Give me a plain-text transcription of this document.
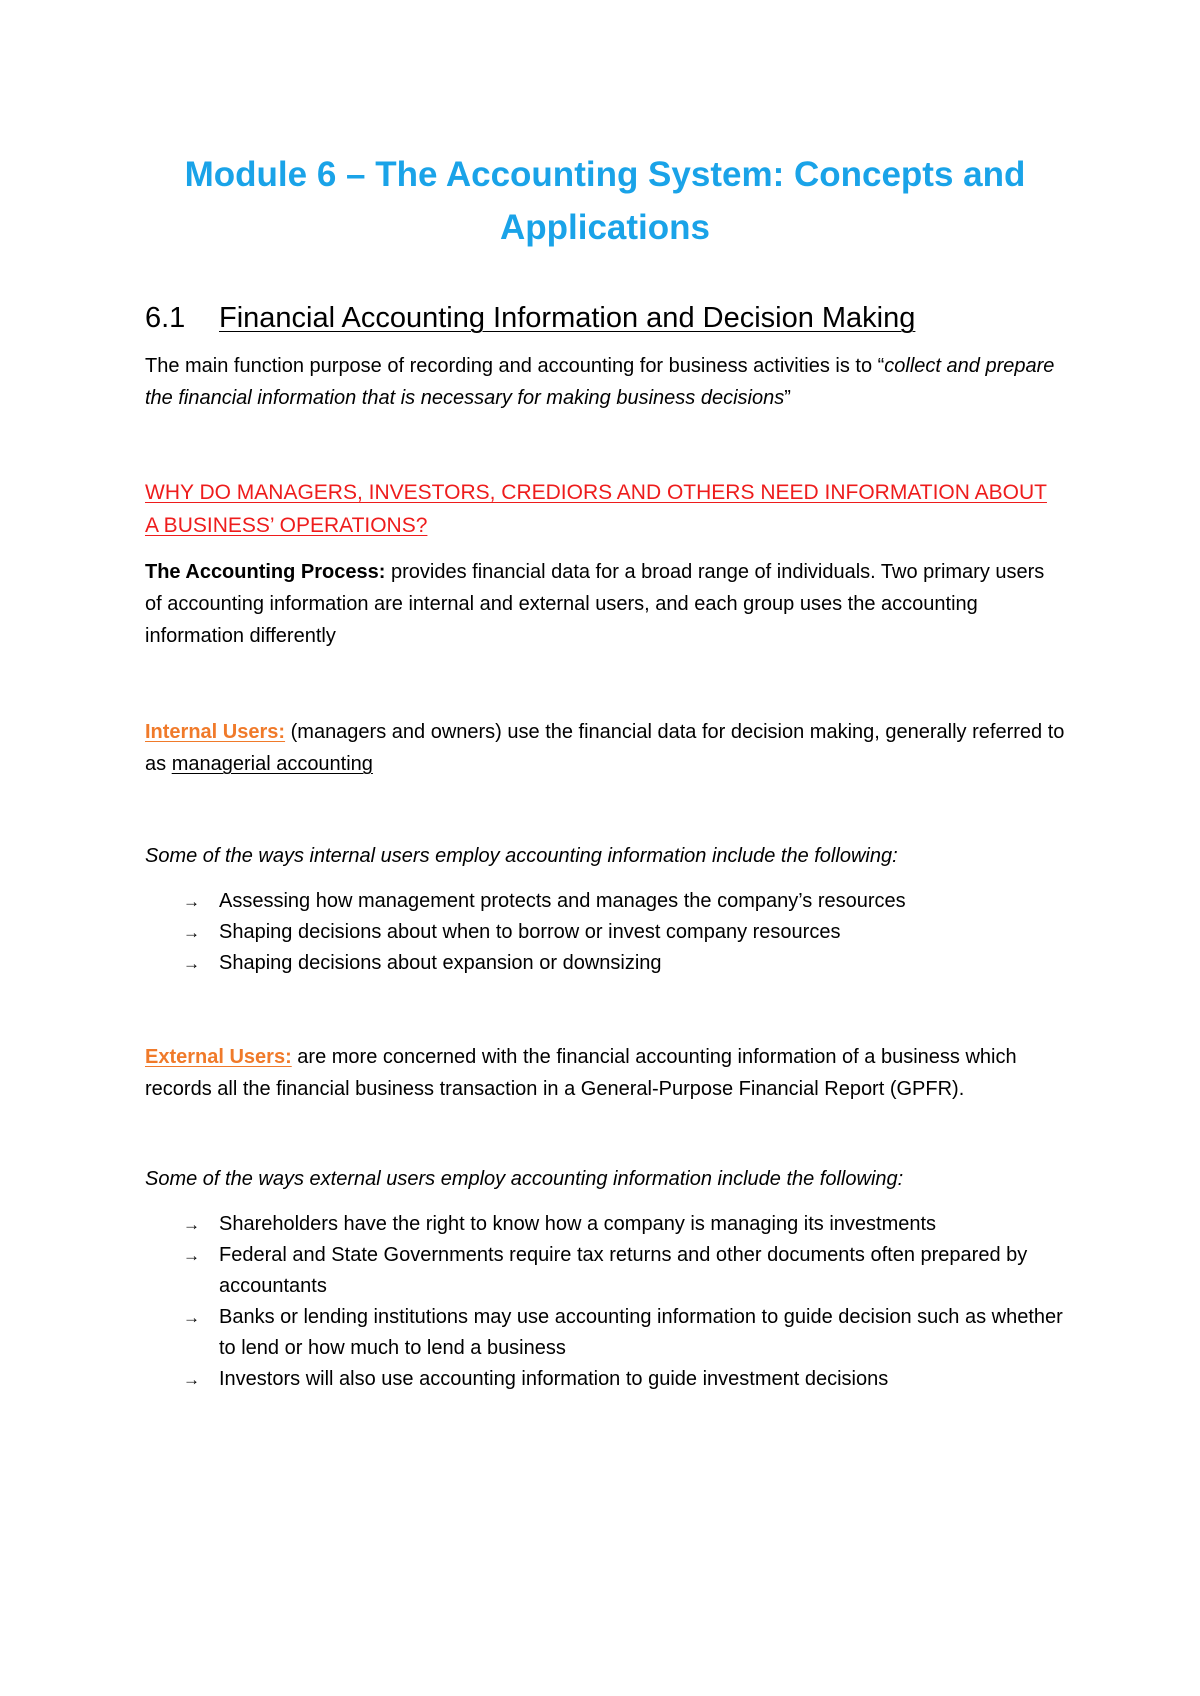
Module 6 – The Accounting System: Concepts and Applications
6.1	Financial Accounting Information and Decision Making

The main function purpose of recording and accounting for business activities is to “collect and prepare the financial information that is necessary for making business decisions”

WHY DO MANAGERS, INVESTORS, CREDIORS AND OTHERS NEED INFORMATION ABOUT A BUSINESS’ OPERATIONS?

The Accounting Process: provides financial data for a broad range of individuals. Two primary users of accounting information are internal and external users, and each group uses the accounting information differently

Internal Users: (managers and owners) use the financial data for decision making, generally referred to as managerial accounting

Some of the ways internal users employ accounting information include the following:

→ Assessing how management protects and manages the company’s resources
→ Shaping decisions about when to borrow or invest company resources
→ Shaping decisions about expansion or downsizing

External Users: are more concerned with the financial accounting information of a business which records all the financial business transaction in a General-Purpose Financial Report (GPFR).

Some of the ways external users employ accounting information include the following:

→ Shareholders have the right to know how a company is managing its investments
→ Federal and State Governments require tax returns and other documents often prepared by accountants
→ Banks or lending institutions may use accounting information to guide decision such as whether to lend or how much to lend a business
→ Investors will also use accounting information to guide investment decisions
